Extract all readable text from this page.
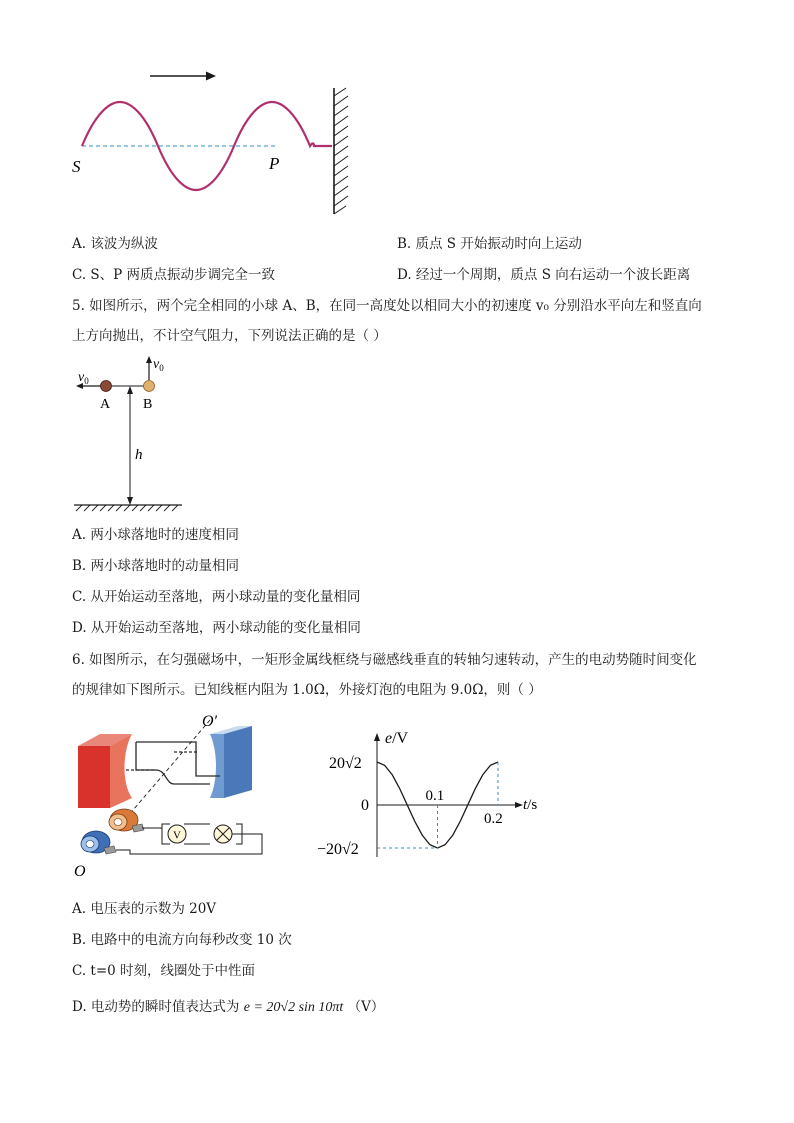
S	P
A. 该波为纵波	B. 质点 S 开始振动时向上运动
C. S、P 两质点振动步调完全一致	D. 经过一个周期，质点 S 向右运动一个波长距离
5. 如图所示，两个完全相同的小球 A、B，在同一高度处以相同大小的初速度 v₀ 分别沿水平向左和竖直向
上方向抛出，不计空气阻力，下列说法正确的是（ ）
$v_0$
$v_0$
A B
h
A. 两小球落地时的速度相同
B. 两小球落地时的动量相同
C. 从开始运动至落地，两小球动量的变化量相同
D. 从开始运动至落地，两小球动能的变化量相同
6. 如图所示，在匀强磁场中，一矩形金属线框绕与磁感线垂直的转轴匀速转动，产生的电动势随时间变化
的规律如下图所示。已知线框内阻为 1.0Ω，外接灯泡的电阻为 9.0Ω，则（ ）
V
O′
O
e/V
t/s
0.1
0.2
20√2
0
−20√2
A. 电压表的示数为 20V
B. 电路中的电流方向每秒改变 10 次
C. t=0 时刻，线圈处于中性面
D. 电动势的瞬时值表达式为 e = 20√2 sin 10πt （V）
